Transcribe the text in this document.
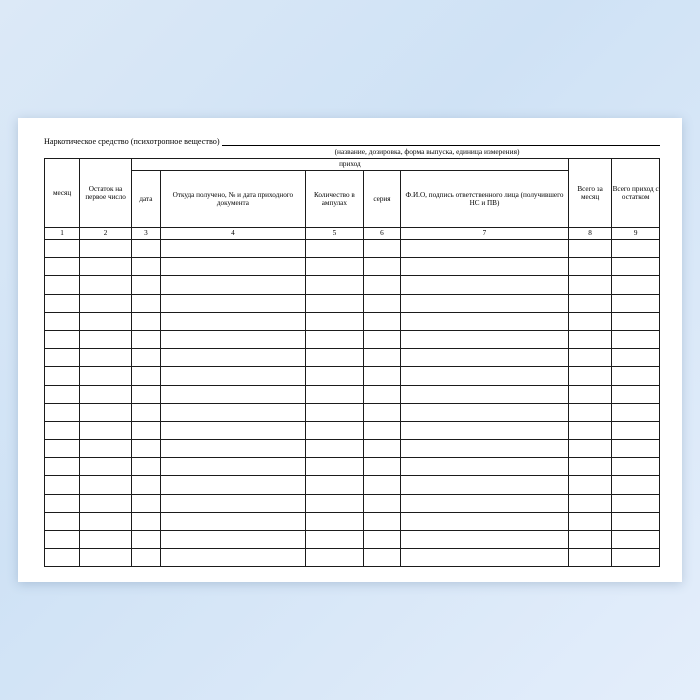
Наркотическое средство (психотропное вещество)
(название, дозировка, форма выпуска, единица измерения)
месяц	Остаток на первое число	приход					Всего за месяц	Всего приход с остатком
		дата	Откуда получено, № и дата приходного документа	Количество в ампулах	серия	Ф.И.О, подпись ответственного лица (получившего НС и ПВ)		
1	2	3	4	5	6	7	8	9
